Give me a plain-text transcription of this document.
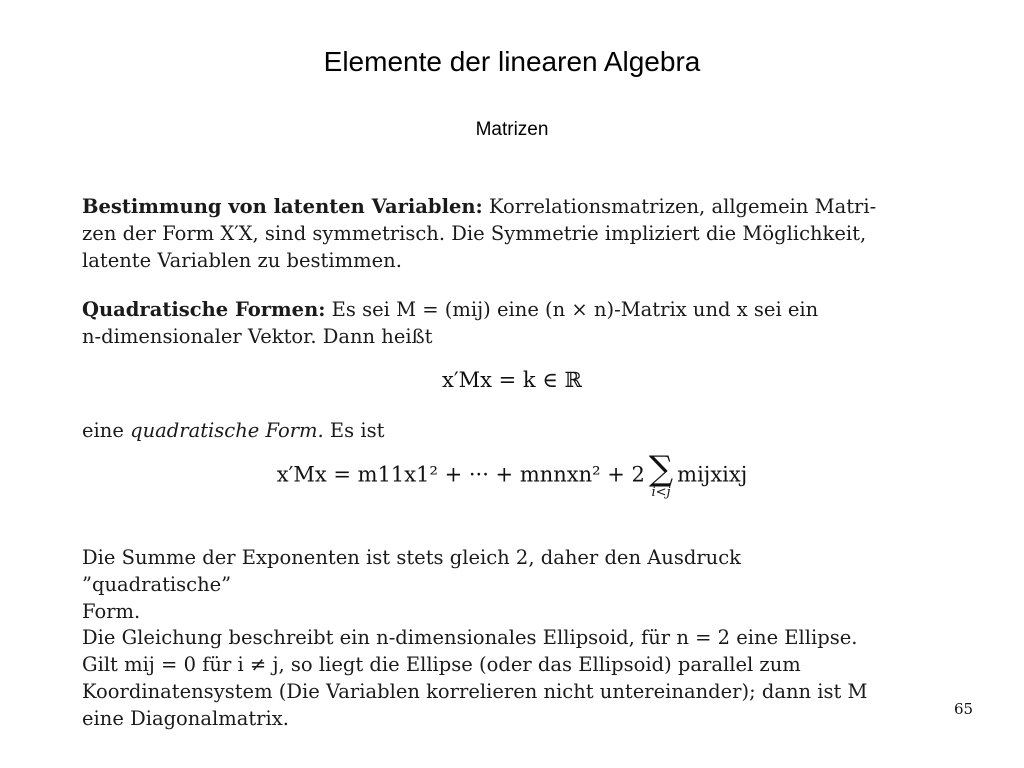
Elemente der linearen Algebra
Matrizen
Bestimmung von latenten Variablen: Korrelationsmatrizen, allgemein Matri-
zen der Form X′X, sind symmetrisch. Die Symmetrie impliziert die Möglichkeit,
latente Variablen zu bestimmen.
Quadratische Formen: Es sei M = (mij) eine (n × n)-Matrix und x sei ein
n-dimensionaler Vektor. Dann heißt
x′Mx = k ∈ ℝ
eine quadratische Form. Es ist
x′Mx = m11x1² + ··· + mnnxn² + 2 ∑
i<j
mijxixj
Die Summe der Exponenten ist stets gleich 2, daher den Ausdruck ”quadratische”
Form.
Die Gleichung beschreibt ein n-dimensionales Ellipsoid, für n = 2 eine Ellipse.
Gilt mij = 0 für i ≠ j, so liegt die Ellipse (oder das Ellipsoid) parallel zum
Koordinatensystem (Die Variablen korrelieren nicht untereinander); dann ist M
eine Diagonalmatrix.	65
